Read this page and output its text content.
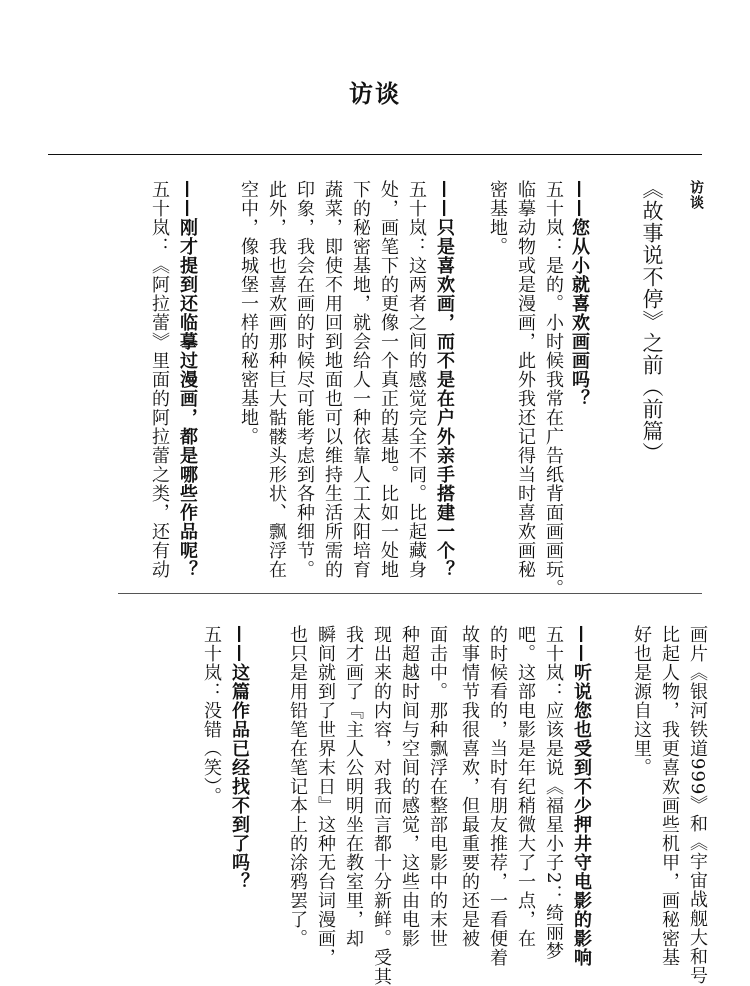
访谈
访谈
《故事说不停》之前（前篇）
——您从小就喜欢画画吗？
五十岚：是的。小时候我常在广告纸背面画画玩。
临摹动物或是漫画，此外我还记得当时喜欢画秘
密基地。
——只是喜欢画，而不是在户外亲手搭建一个？
五十岚：这两者之间的感觉完全不同。比起藏身
处，画笔下的更像一个真正的基地。比如一处地
下的秘密基地，就会给人一种依靠人工太阳培育
蔬菜，即使不用回到地面也可以维持生活所需的
印象，我会在画的时候尽可能考虑到各种细节。
此外，我也喜欢画那种巨大骷髅头形状、飘浮在
空中，像城堡一样的秘密基地。
——刚才提到还临摹过漫画，都是哪些作品呢？
五十岚：《阿拉蕾》里面的阿拉蕾之类，还有动
画片《银河铁道999》和《宇宙战舰大和号
比起人物，我更喜欢画些机甲，画秘密基
好也是源自这里。
——听说您也受到不少押井守电影的影响
五十岚：应该是说《福星小子2：绮丽梦
吧。这部电影是年纪稍微大了一点，在
的时候看的，当时有朋友推荐，一看便着
故事情节我很喜欢，但最重要的还是被
面击中。那种飘浮在整部电影中的末世
种超越时间与空间的感觉，这些由电影
现出来的内容，对我而言都十分新鲜。受其
我才画了『主人公明明坐在教室里，却
瞬间就到了世界末日』这种无台词漫画，
也只是用铅笔在笔记本上的涂鸦罢了。
——这篇作品已经找不到了吗？
五十岚：没错（笑）。
